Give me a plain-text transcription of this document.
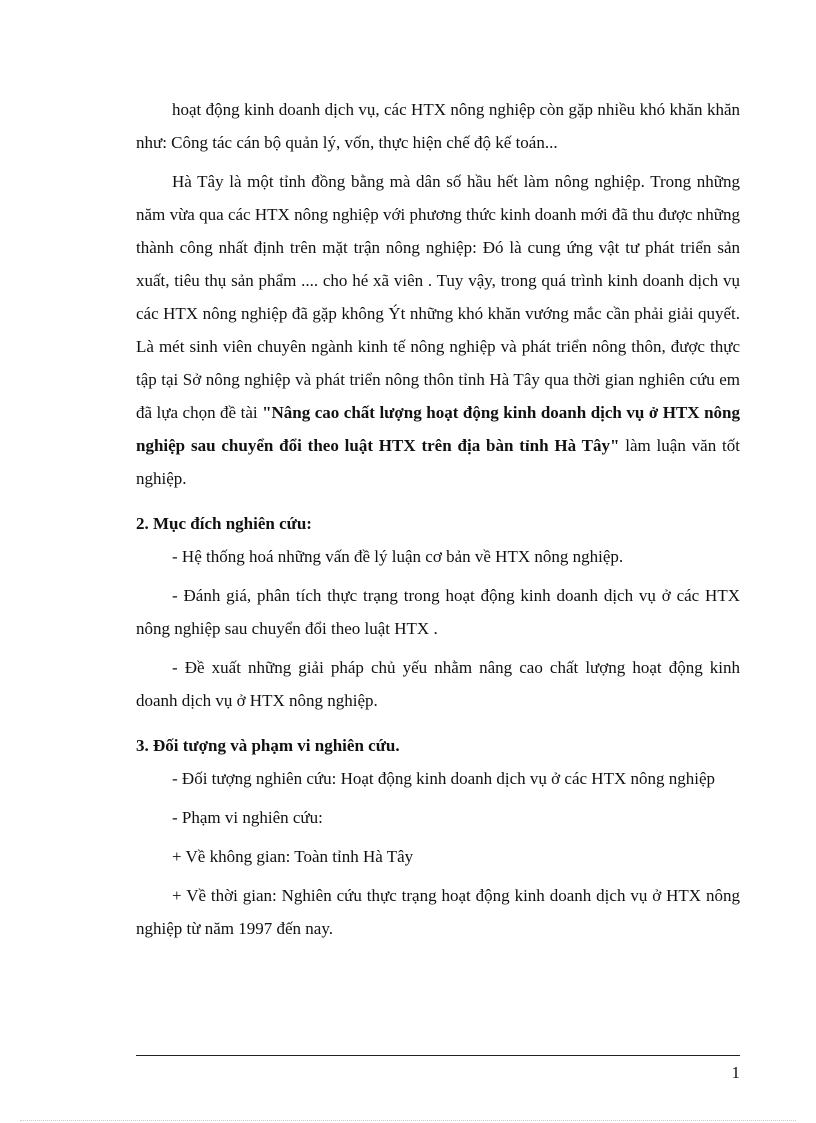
hoạt động kinh doanh dịch vụ, các HTX nông nghiệp còn gặp nhiều khó khăn khăn như: Công tác cán bộ quản lý, vốn, thực hiện chế độ kế toán...

Hà Tây là một tỉnh đồng bằng mà dân số hầu hết làm nông nghiệp. Trong những năm vừa qua các HTX nông nghiệp với phương thức kinh doanh mới đã thu được những thành công nhất định trên mặt trận nông nghiệp: Đó là cung ứng vật tư phát triển sản xuất, tiêu thụ sản phẩm .... cho hé xã viên . Tuy vậy, trong quá trình kinh doanh dịch vụ các HTX nông nghiệp đã gặp không Ýt những khó khăn vướng mắc cần phải giải quyết. Là mét sinh viên chuyên ngành kinh tế nông nghiệp và phát triển nông thôn, được thực tập tại Sở nông nghiệp và phát triển nông thôn tỉnh Hà Tây qua thời gian nghiên cứu em đã lựa chọn đề tài "Nâng cao chất lượng hoạt động kinh doanh dịch vụ ở HTX nông nghiệp sau chuyển đổi theo luật HTX trên địa bàn tỉnh Hà Tây" làm luận văn tốt nghiệp.

2. Mục đích nghiên cứu:

- Hệ thống hoá những vấn đề lý luận cơ bản về HTX nông nghiệp.

- Đánh giá, phân tích thực trạng trong hoạt động kinh doanh dịch vụ ở các HTX nông nghiệp sau chuyển đổi theo luật HTX .

- Đề xuất những giải pháp chủ yếu nhằm nâng cao chất lượng hoạt động kinh doanh dịch vụ ở HTX nông nghiệp.

3. Đối tượng và phạm vi nghiên cứu.

- Đối tượng nghiên cứu: Hoạt động kinh doanh dịch vụ ở các HTX nông nghiệp

- Phạm vi nghiên cứu:

+ Về không gian: Toàn tỉnh Hà Tây

+ Về thời gian: Nghiên cứu thực trạng hoạt động kinh doanh dịch vụ ở HTX nông nghiệp từ năm 1997 đến nay.

1
